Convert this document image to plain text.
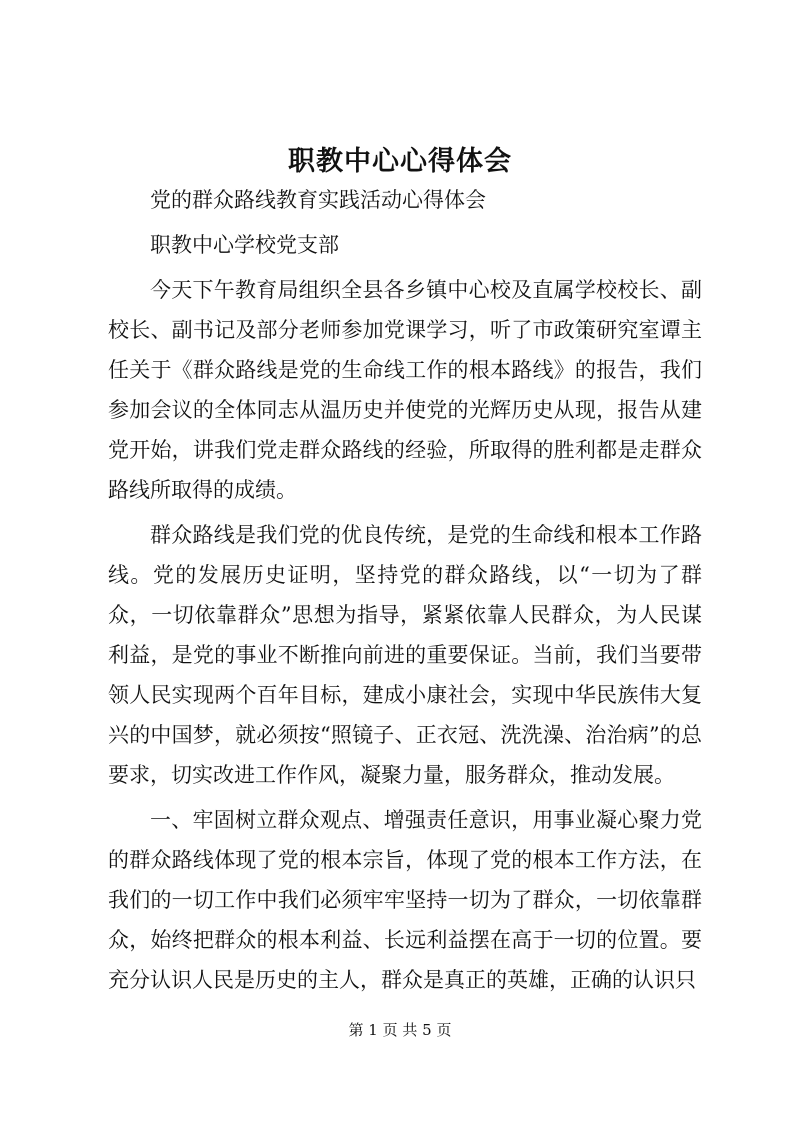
职教中心心得体会

党的群众路线教育实践活动心得体会

职教中心学校党支部

今天下午教育局组织全县各乡镇中心校及直属学校校长、副校长、副书记及部分老师参加党课学习，听了市政策研究室谭主任关于《群众路线是党的生命线工作的根本路线》的报告，我们参加会议的全体同志从温历史并使党的光辉历史从现，报告从建党开始，讲我们党走群众路线的经验，所取得的胜利都是走群众路线所取得的成绩。

群众路线是我们党的优良传统，是党的生命线和根本工作路线。党的发展历史证明，坚持党的群众路线，以“一切为了群众，一切依靠群众”思想为指导，紧紧依靠人民群众，为人民谋利益，是党的事业不断推向前进的重要保证。当前，我们当要带领人民实现两个百年目标，建成小康社会，实现中华民族伟大复兴的中国梦，就必须按“照镜子、正衣冠、洗洗澡、治治病”的总要求，切实改进工作作风，凝聚力量，服务群众，推动发展。

一、牢固树立群众观点、增强责任意识，用事业凝心聚力党的群众路线体现了党的根本宗旨，体现了党的根本工作方法，在我们的一切工作中我们必须牢牢坚持一切为了群众，一切依靠群众，始终把群众的根本利益、长远利益摆在高于一切的位置。要充分认识人民是历史的主人，群众是真正的英雄，正确的认识只

第 1 页 共 5 页
